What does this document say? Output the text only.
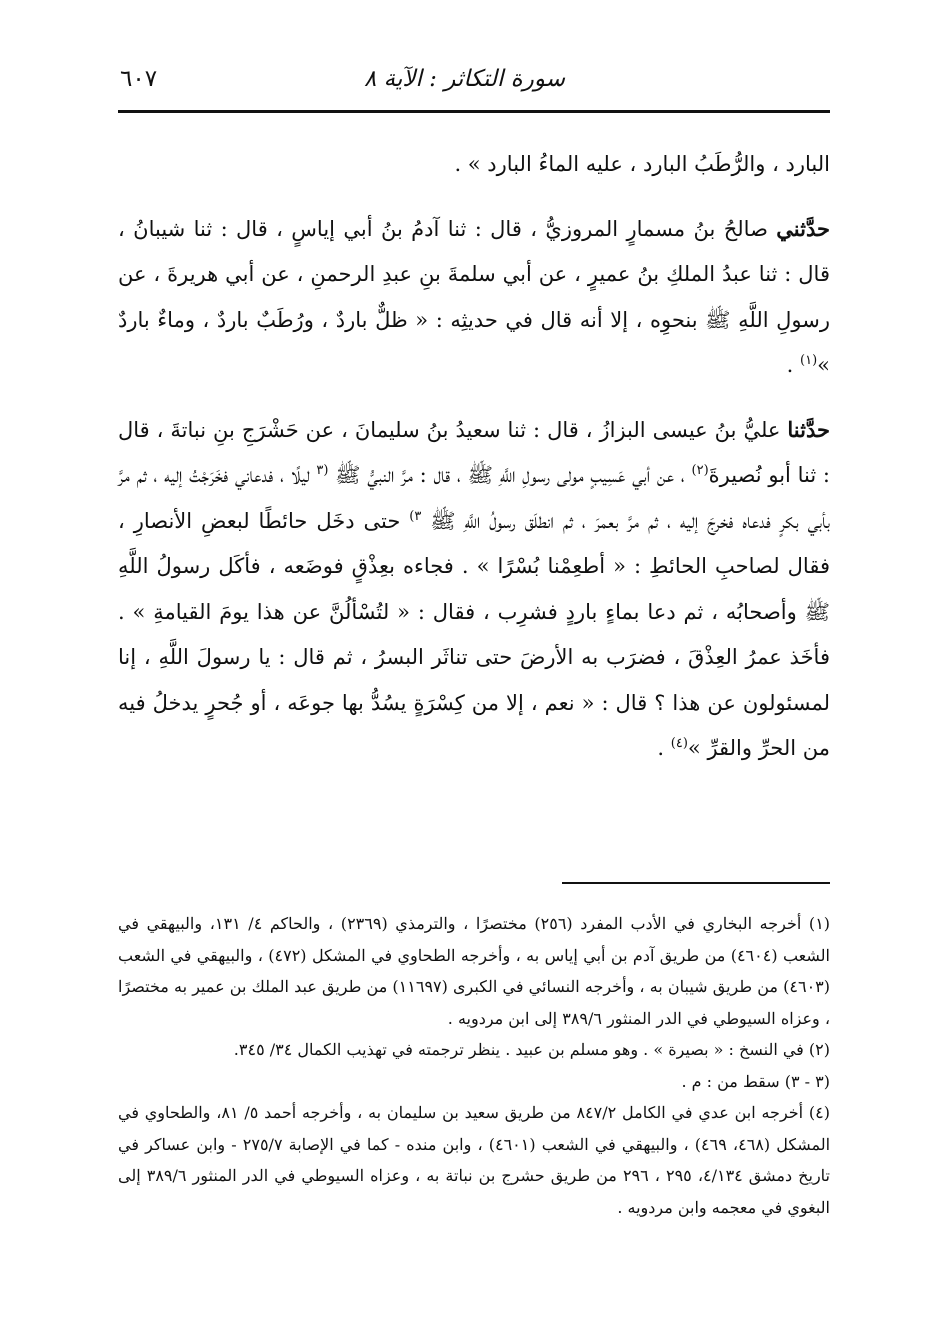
سورة التكاثر : الآية ٨
٦٠٧

البارد ، والرُّطَبُ البارد ، عليه الماءُ البارد » .

حدَّثني صالحُ بنُ مسمارٍ المروزيُّ ، قال : ثنا آدمُ بنُ أبي إياسٍ ، قال : ثنا شيبانُ ، قال : ثنا عبدُ الملكِ بنُ عميرٍ ، عن أبي سلمةَ بنِ عبدِ الرحمنِ ، عن أبي هريرةَ ، عن رسولِ اللَّهِ ﷺ بنحوِه ، إلا أنه قال في حديثِه : « ظلٌّ باردٌ ، ورُطَبٌ باردٌ ، وماءٌ باردٌ »$^{(١)}$ .

حدَّثنا عليُّ بنُ عيسى البزازُ ، قال : ثنا سعيدُ بنُ سليمانَ ، عن حَشْرَجِ بنِ نباتةَ ، قال : ثنا أبو نُصيرةَ$^{(٢)}$ ، عن أبي عَسِيبٍ مولى رسولِ اللَّهِ ﷺ ، قال : مرَّ النبيُّ ﷺ $^{(٣}$ ليلًا ، فدعاني فخَرَجْتُ إليه ، ثم مرَّ بأبي بكرٍ فدعاه فخرجَ إليه ، ثم مرَّ بعمرَ ، ثم انطلَق رسولُ اللَّهِ ﷺ $^{٣)}$ حتى دخَل حائطًا لبعضِ الأنصارِ ، فقال لصاحبِ الحائطِ : « أطعِمْنا بُسْرًا » . فجاءه بعِذْقٍ فوضَعه ، فأكَل رسولُ اللَّهِ ﷺ وأصحابُه ، ثم دعا بماءٍ باردٍ فشرِب ، فقال : « لتُسْألُنَّ عن هذا يومَ القيامةِ » . فأخَذ عمرُ العِذْقَ ، فضرَب به الأرضَ حتى تناثَر البسرُ ، ثم قال : يا رسولَ اللَّهِ ، إنا لمسئولون عن هذا ؟ قال : « نعم ، إلا من كِسْرَةٍ يسُدُّ بها جوعَه ، أو جُحرٍ يدخلُ فيه من الحرِّ والقرِّ »$^{(٤)}$ .

(١) أخرجه البخاري في الأدب المفرد (٢٥٦) مختصرًا ، والترمذي (٢٣٦٩) ، والحاكم ٤/ ١٣١، والبيهقي في الشعب (٤٦٠٤) من طريق آدم بن أبي إياس به ، وأخرجه الطحاوي في المشكل (٤٧٢) ، والبيهقي في الشعب (٤٦٠٣) من طريق شيبان به ، وأخرجه النسائي في الكبرى (١١٦٩٧) من طريق عبد الملك بن عمير به مختصرًا ، وعزاه السيوطي في الدر المنثور ٣٨٩/٦ إلى ابن مردويه .

(٢) في النسخ : « بصيرة » . وهو مسلم بن عبيد . ينظر ترجمته في تهذيب الكمال ٣٤/ ٣٤٥.

(٣ - ٣) سقط من : م .

(٤) أخرجه ابن عدي في الكامل ٨٤٧/٢ من طريق سعيد بن سليمان به ، وأخرجه أحمد ٥/ ٨١، والطحاوي في المشكل (٤٦٨، ٤٦٩) ، والبيهقي في الشعب (٤٦٠١) ، وابن منده - كما في الإصابة ٢٧٥/٧ - وابن عساكر في تاريخ دمشق ٤/١٣٤، ٢٩٥ ، ٢٩٦ من طريق حشرج بن نباتة به ، وعزاه السيوطي في الدر المنثور ٣٨٩/٦ إلى البغوي في معجمه وابن مردويه .
